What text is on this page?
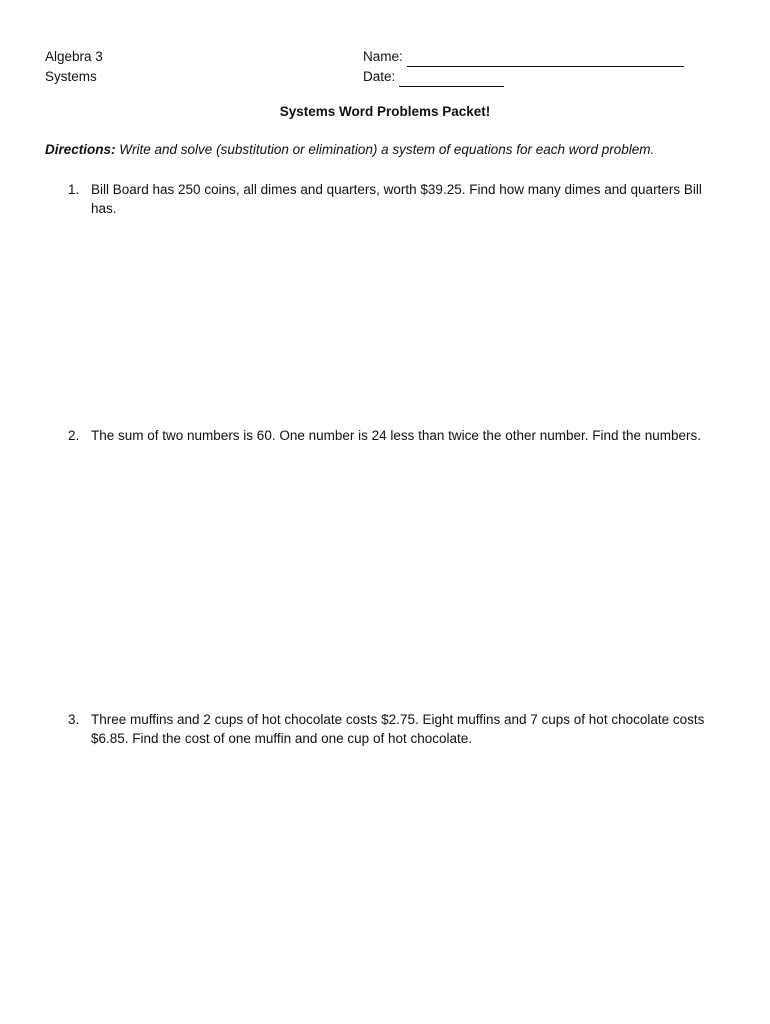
Algebra 3
Systems
Name:
Date:
Systems Word Problems Packet!
Directions: Write and solve (substitution or elimination) a system of equations for each word problem.
1. Bill Board has 250 coins, all dimes and quarters, worth $39.25. Find how many dimes and quarters Bill has.
2. The sum of two numbers is 60. One number is 24 less than twice the other number. Find the numbers.
3. Three muffins and 2 cups of hot chocolate costs $2.75. Eight muffins and 7 cups of hot chocolate costs $6.85. Find the cost of one muffin and one cup of hot chocolate.
